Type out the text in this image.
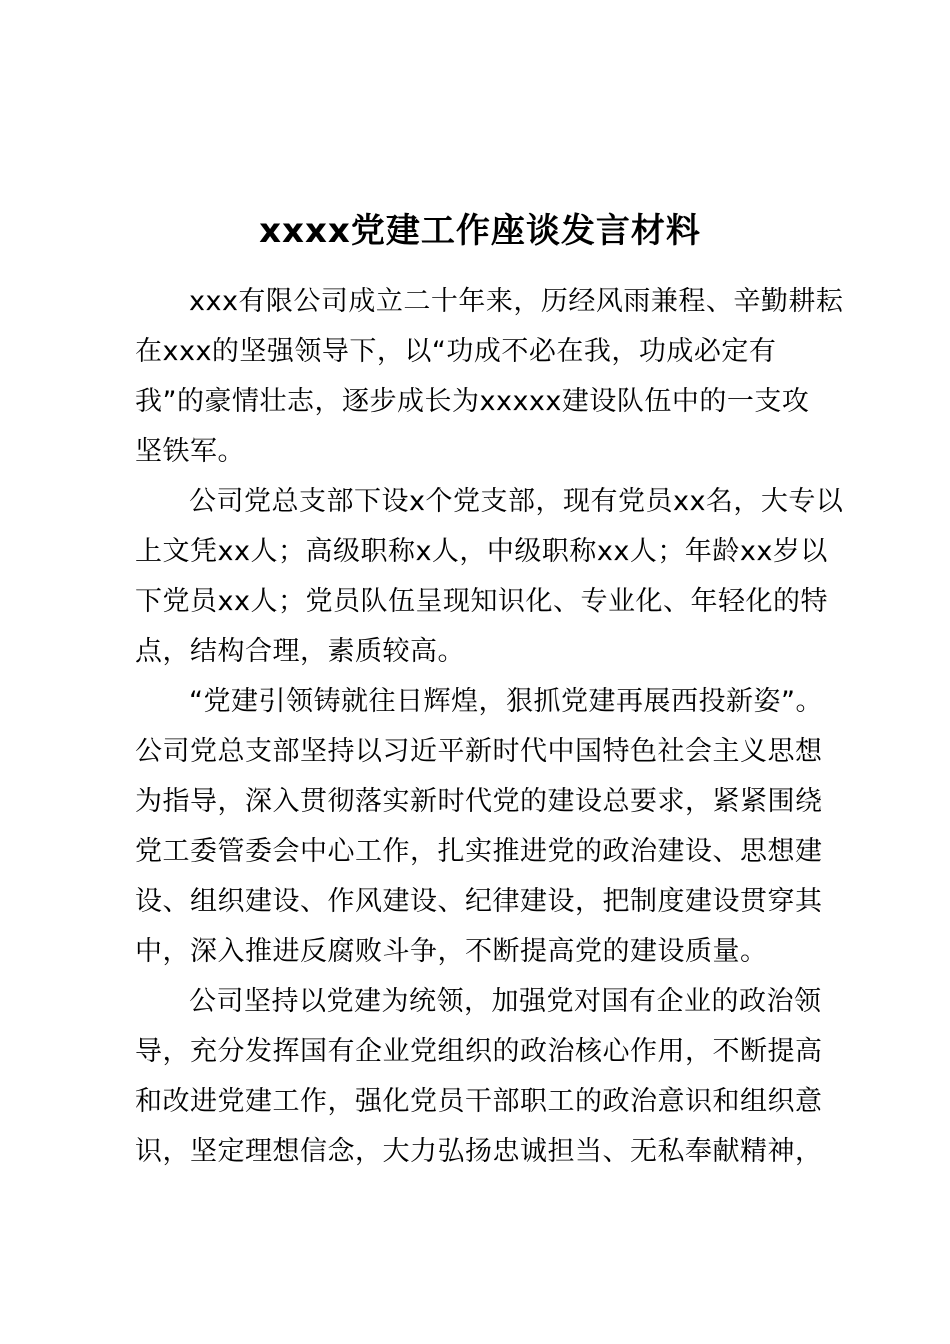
xxxx党建工作座谈发言材料
xxx有限公司成立二十年来，历经风雨兼程、辛勤耕耘
在xxx的坚强领导下，以“功成不必在我，功成必定有
我”的豪情壮志，逐步成长为xxxxx建设队伍中的一支攻
坚铁军。
公司党总支部下设x个党支部，现有党员xx名，大专以
上文凭xx人；高级职称x人，中级职称xx人；年龄xx岁以
下党员xx人；党员队伍呈现知识化、专业化、年轻化的特
点，结构合理，素质较高。
“党建引领铸就往日辉煌，狠抓党建再展西投新姿”。
公司党总支部坚持以习近平新时代中国特色社会主义思想
为指导，深入贯彻落实新时代党的建设总要求，紧紧围绕
党工委管委会中心工作，扎实推进党的政治建设、思想建
设、组织建设、作风建设、纪律建设，把制度建设贯穿其
中，深入推进反腐败斗争，不断提高党的建设质量。
公司坚持以党建为统领，加强党对国有企业的政治领
导，充分发挥国有企业党组织的政治核心作用，不断提高
和改进党建工作，强化党员干部职工的政治意识和组织意
识，坚定理想信念，大力弘扬忠诚担当、无私奉献精神，
